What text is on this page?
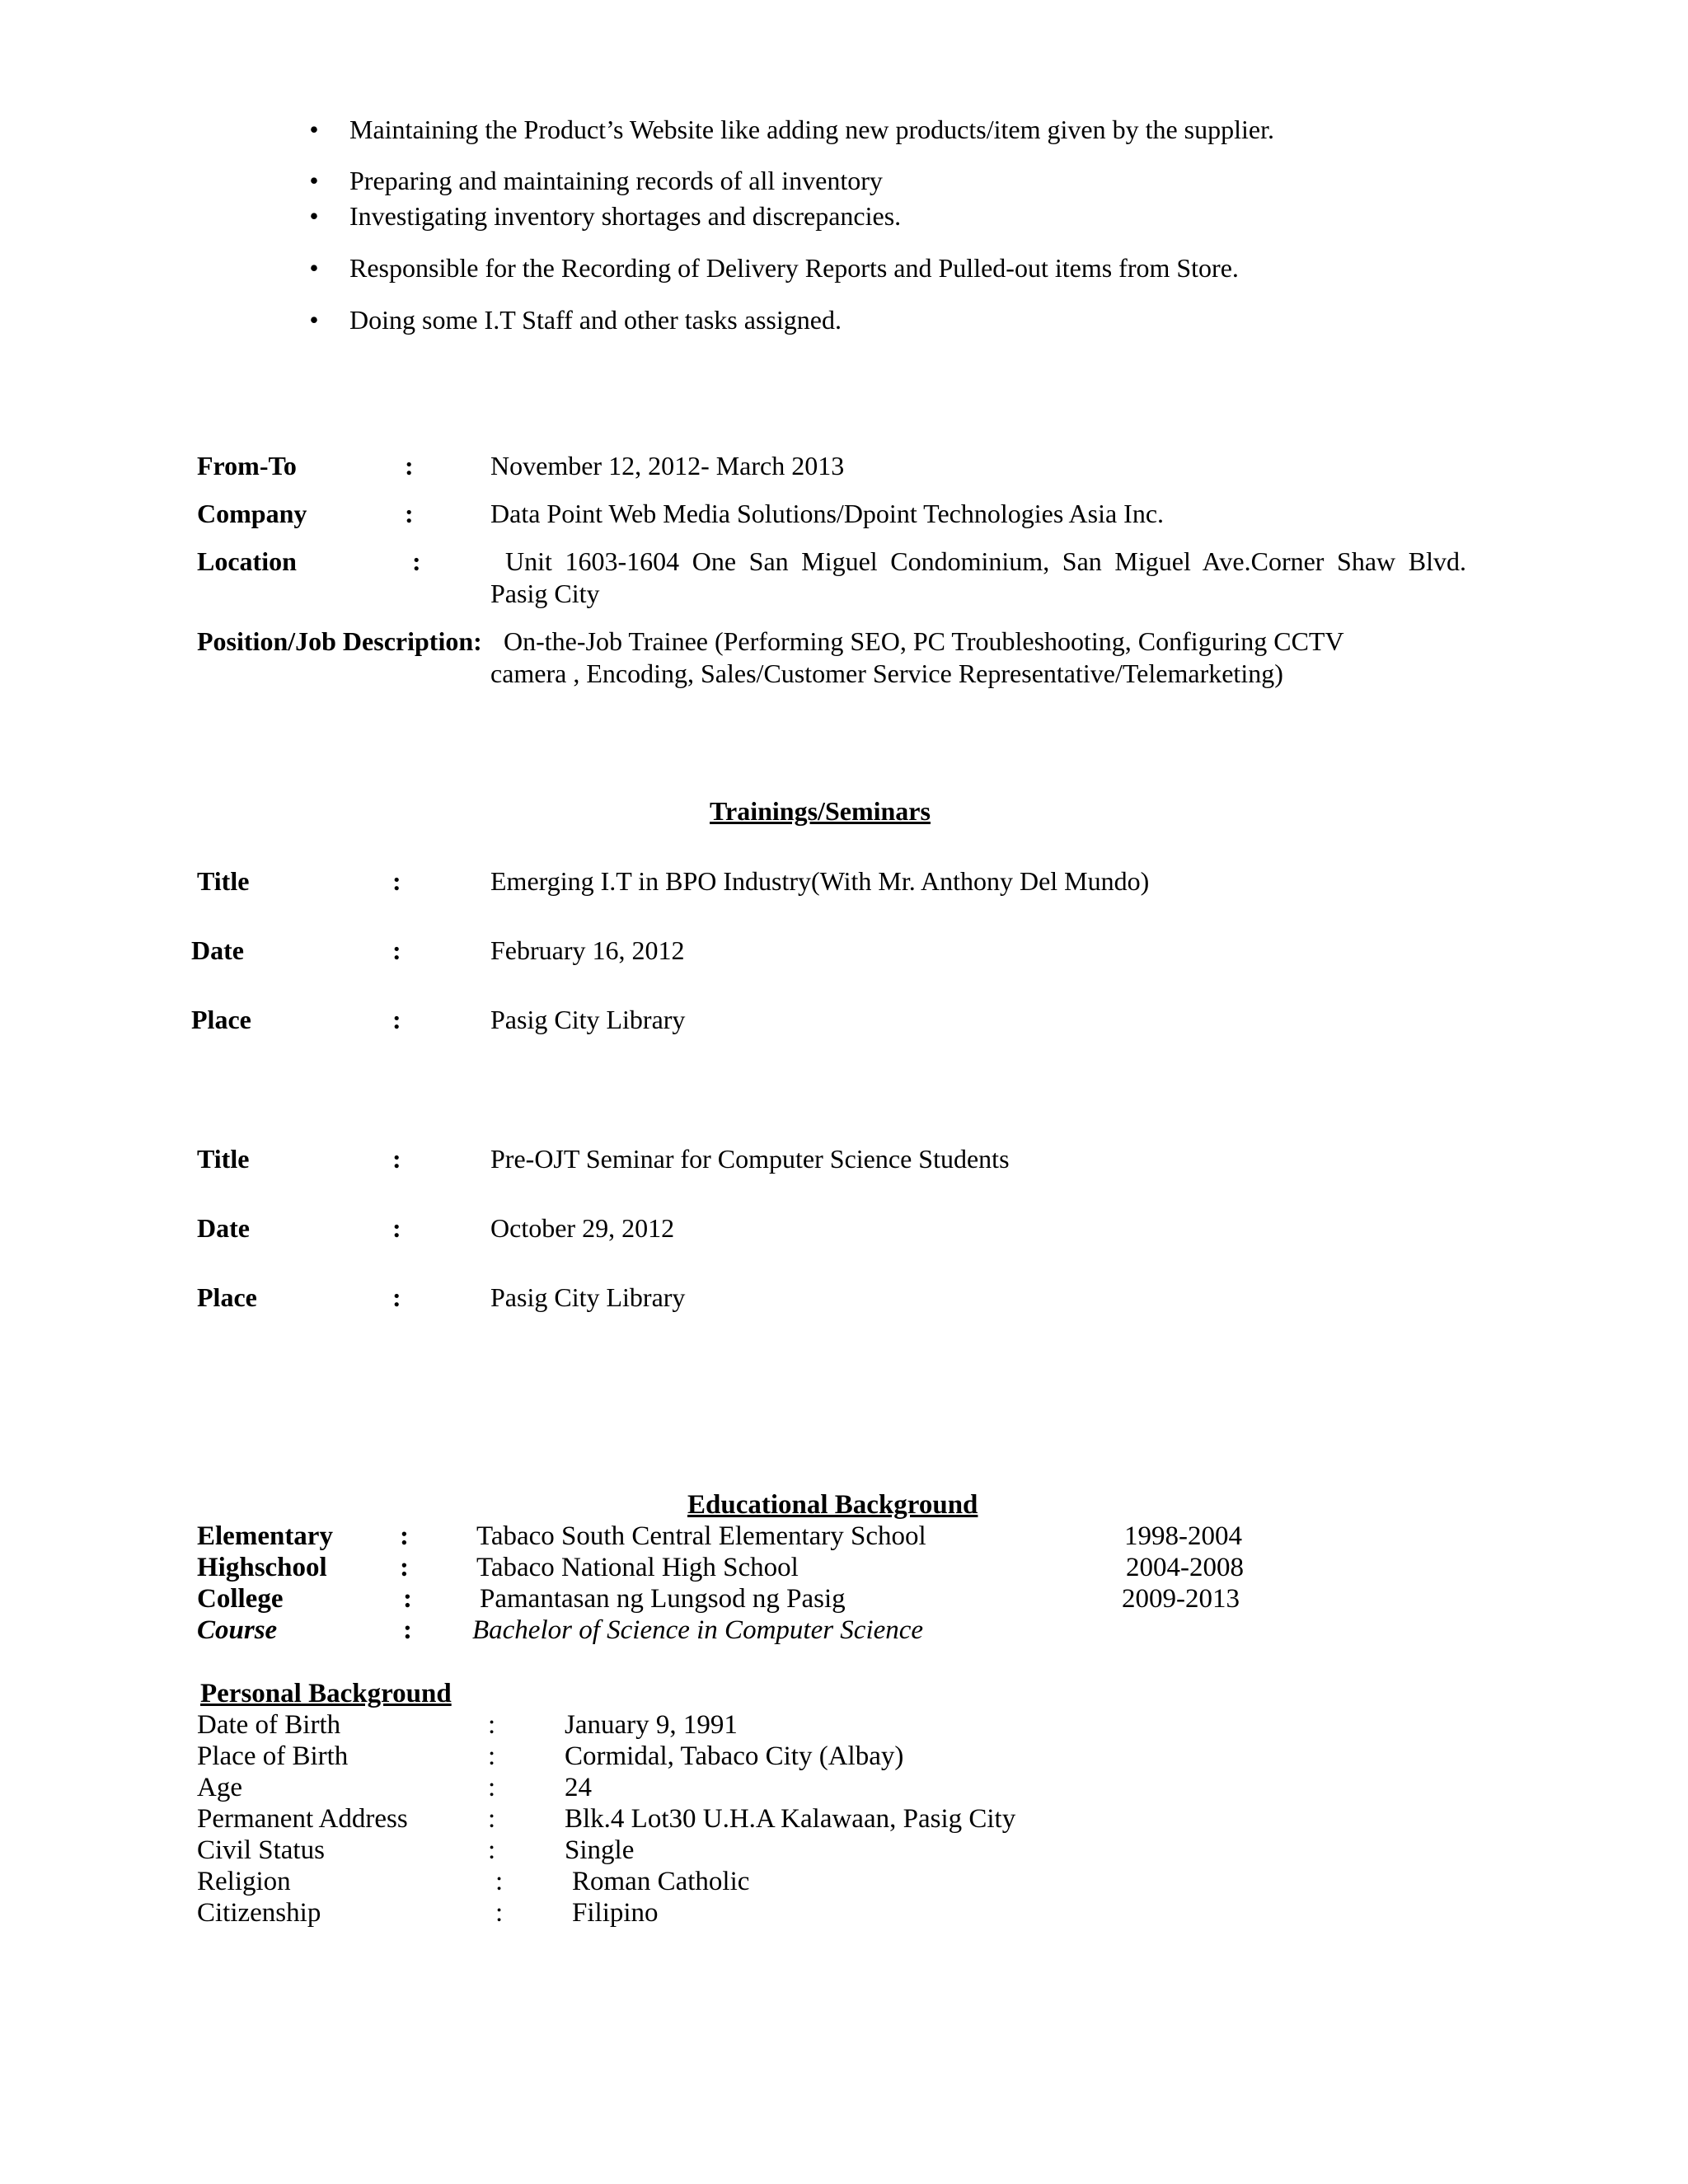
• Maintaining the Product’s Website like adding new products/item given by the supplier.
• Preparing and maintaining records of all inventory
• Investigating inventory shortages and discrepancies.
• Responsible for the Recording of Delivery Reports and Pulled-out items from Store.
• Doing some I.T Staff and other tasks assigned.
From-To	:	November 12, 2012- March 2013
Company	:	Data Point Web Media Solutions/Dpoint Technologies Asia Inc.
Location	:	Unit 1603-1604 One San Miguel Condominium, San Miguel Ave.Corner Shaw Blvd. Pasig City
Position/Job Description: On-the-Job Trainee (Performing SEO, PC Troubleshooting, Configuring CCTV camera , Encoding, Sales/Customer Service Representative/Telemarketing)
Trainings/Seminars
Title	:	Emerging I.T in BPO Industry(With Mr. Anthony Del Mundo)
Date	:	February 16, 2012
Place	:	Pasig City Library
Title	:	Pre-OJT Seminar for Computer Science Students
Date	:	October 29, 2012
Place	:	Pasig City Library
Educational Background
Elementary : Tabaco South Central Elementary School	1998-2004
Highschool	: Tabaco National High School	2004-2008
College	: Pamantasan ng Lungsod ng Pasig	2009-2013
Course	: Bachelor of Science in Computer Science
Personal Background
Date of Birth	:	January 9, 1991
Place of Birth	:	Cormidal, Tabaco City (Albay)
Age	:	24
Permanent Address	:	Blk.4 Lot30 U.H.A Kalawaan, Pasig City
Civil Status	:	Single
Religion	:	Roman Catholic
Citizenship	:	Filipino
